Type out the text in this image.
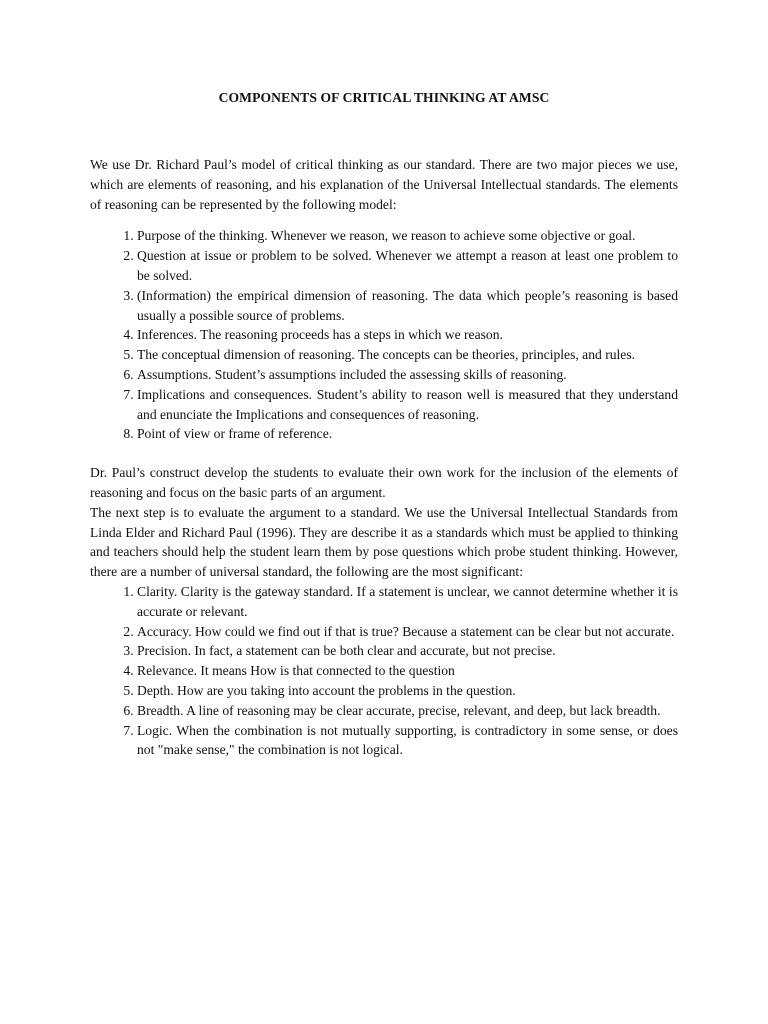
COMPONENTS OF CRITICAL THINKING AT AMSC

We use Dr. Richard Paul’s model of critical thinking as our standard. There are two major pieces we use, which are elements of reasoning, and his explanation of the Universal Intellectual standards. The elements of reasoning can be represented by the following model:

1. Purpose of the thinking. Whenever we reason, we reason to achieve some objective or goal.
2. Question at issue or problem to be solved. Whenever we attempt a reason at least one problem to be solved.
3. (Information) the empirical dimension of reasoning. The data which people’s reasoning is based usually a possible source of problems.
4. Inferences. The reasoning proceeds has a steps in which we reason.
5. The conceptual dimension of reasoning. The concepts can be theories, principles, and rules.
6. Assumptions. Student’s assumptions included the assessing skills of reasoning.
7. Implications and consequences. Student’s ability to reason well is measured that they understand and enunciate the Implications and consequences of reasoning.
8. Point of view or frame of reference.

Dr. Paul’s construct develop the students to evaluate their own work for the inclusion of the elements of reasoning and focus on the basic parts of an argument.

The next step is to evaluate the argument to a standard. We use the Universal Intellectual Standards from Linda Elder and Richard Paul (1996). They are describe it as a standards which must be applied to thinking and teachers should help the student learn them by pose questions which probe student thinking. However, there are a number of universal standard, the following are the most significant:

1. Clarity. Clarity is the gateway standard. If a statement is unclear, we cannot determine whether it is accurate or relevant.
2. Accuracy. How could we find out if that is true? Because a statement can be clear but not accurate.
3. Precision. In fact, a statement can be both clear and accurate, but not precise.
4. Relevance. It means How is that connected to the question
5. Depth. How are you taking into account the problems in the question.
6. Breadth. A line of reasoning may be clear accurate, precise, relevant, and deep, but lack breadth.
7. Logic. When the combination is not mutually supporting, is contradictory in some sense, or does not "make sense," the combination is not logical.
